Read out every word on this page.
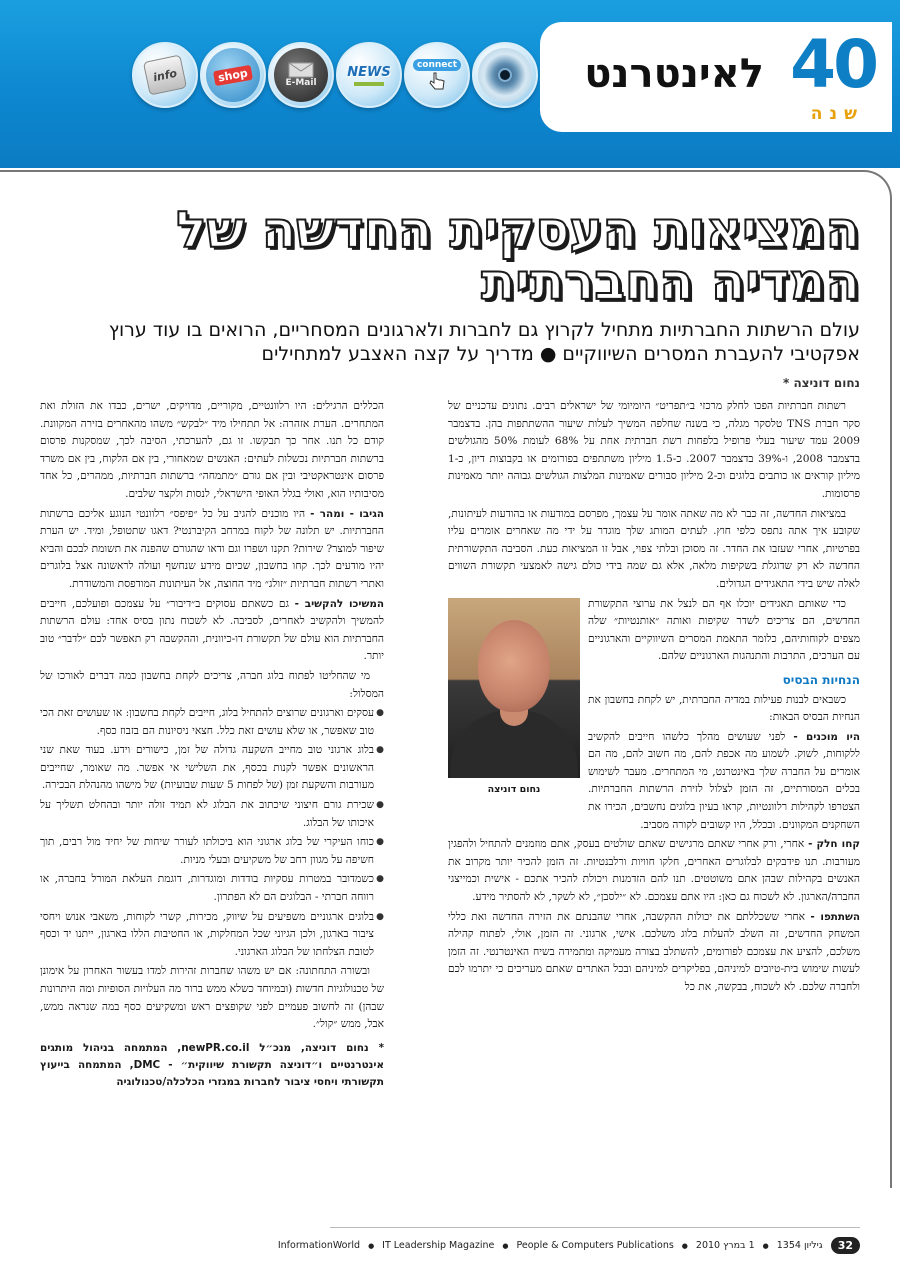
info	shop	E-Mail
NEWS	connect	40
לאינטרנט
שנה
המציאות העסקית החדשה של
המדיה החברתית
עולם הרשתות החברתיות מתחיל לקרוץ גם לחברות ולארגונים המסחריים, הרואים בו עוד ערוץ
אפקטיבי להעברת המסרים השיווקיים ● מדריך על קצה האצבע למתחילים
נחום דוניצה *

רשתות חברתיות הפכו לחלק מרכזי ב״תפריט״ היומיומי של ישראלים רבים. נתונים עדכניים של סקר חברת TNS טלסקר מגלה, כי בשנה שחלפה המשיך לעלות שיעור ההשתתפות בהן. בדצמבר 2009 עמד שיעור בעלי פרופיל בלפחות רשת חברתית אחת על 68% לעומת 50% מהגולשים בדצמבר 2008, ו-39% בדצמבר 2007. כ-1.5 מיליון משתתפים בפורומים או בקבוצות דיון, כ-1 מיליון קוראים או כותבים בלוגים וכ-2 מיליון סבורים שאמינות המלצות הגולשים גבוהה יותר מאמינות פרסומות.

במציאות החדשה, זה כבר לא מה שאתה אומר על עצמך, מפרסם במודעות או בהודעות לעיתונות, שקובע איך אתה נתפס כלפי חוץ. לעתים המותג שלך מוגדר על ידי מה שאחרים אומרים עליו בפרטיות, אחרי שעזבו את החדר. זה מסוכן ובלתי צפוי, אבל זו המציאות כעת. הסביבה התקשורתית החדשה לא רק שדוגלת בשקיפות מלאה, אלא גם שמה בידי כולם גישה לאמצעי תקשורת השווים לאלה שיש בידי התאגידים הגדולים.

נחום דוניצה

כדי שאותם תאגידים יוכלו אף הם לנצל את ערוצי התקשורת החדשים, הם צריכים לשדר שקיפות ואותה ״אותנטיות״ שלה מצפים לקוחותיהם, כלומר התאמת המסרים השיווקיים והארגוניים עם הערכים, התרבות והתנהגות הארגוניים שלהם.

הנחיות הבסיס

כשבאים לבנות פעילות במדיה החברתית, יש לקחת בחשבון את הנחיות הבסיס הבאות:

היו מוכנים - לפני שעושים מהלך כלשהו חייבים להקשיב ללקוחות, לשוק. לשמוע מה אכפת להם, מה חשוב להם, מה הם אומרים על החברה שלך באינטרנט, מי המתחרים. מעבר לשימוש בכלים המסורתיים, זה הזמן לצלול לזירת הרשתות החברתיות. הצטרפו לקהילות רלוונטיות, קראו בעיון בלוגים נחשבים, הכירו את השחקנים המקוונים. ובכלל, היו קשובים לקורה מסביב.

קחו חלק - אחרי, ורק אחרי שאתם מרגישים שאתם שולטים בעסק, אתם מוזמנים להתחיל ולהפגין מעורבות. תנו פידבקים לבלוגרים האחרים, חלקו חוויות ורלבנטיות. זה הזמן להכיר יותר מקרוב את האנשים בקהילות שבהן אתם משוטטים. תנו להם הזדמנות ויכולת להכיר אתכם - אישית וכמייצגי החברה/הארגון. לא לשכוח גם כאן: היו אתם עצמכם. לא ״ילסבן״, לא לשקר, לא להסתיר מידע.

השתתפו - אחרי ששכללתם את יכולות ההקשבה, אחרי שהבנתם את הזירה החדשה ואת כללי המשחק החדשים, זה השלב להעלות בלוג משלכם. אישי, ארגוני. זה הזמן, אולי, לפתוח קהילה משלכם, להציע את עצמכם לפורומים, להשתלב בצורה מעמיקה ומתמידה בשיח האינטרנטי. זה הזמן לעשות שימוש בית-טיובים למיניהם, בפליקרים למיניהם ובכל האתרים שאתם מעריכים כי יתרמו לכם ולחברה שלכם. לא לשכוח, בבקשה, את כל

הכללים הרגילים: היו רלוונטיים, מקוריים, מדויקים, ישרים, כבדו את הזולת ואת המתחרים. הערת אזהרה: אל תתחילו מיד ״לבקש״ משהו מהאחרים בזירה המקוונת. קודם כל תנו. אחר כך תבקשו. זו גם, להערכתי, הסיבה לכך, שמסקנות פרסום ברשתות חברתיות נכשלות לעתים: האנשים שמאחורי, בין אם הלקוח, בין אם משרד פרסום אינטראקטיבי ובין אם גורם ״מתמחה״ ברשתות חברתיות, ממהרים, כל אחד מסיבותיו הוא, ואולי בגלל האופי הישראלי, לנסות ולקצר שלבים.

הגיבו - ומהר - היו מוכנים להגיב על כל ״פיפס״ רלוונטי הנוגע אליכם ברשתות החברתיות. יש תלונה של לקוח במרחב הקיברנטי? דאגו שתטופל, ומיד. יש הערת שיפור למוצר? שירות? תקנו ושפרו וגם ודאו שהגורם שהפנה את תשומת לבכם והביא יהיו מודעים לכך. קחו בחשבון, שכיום מידע שנחשף ועולה לראשונה אצל בלוגרים ואתרי רשתות חברתיות ״זולג״ מיד החוצה, אל העיתונות המודפסת והמשודרת.

המשיכו להקשיב - גם כשאתם עסוקים ב״דיבור״ על עצמכם ופועלכם, חייבים להמשיך ולהקשיב לאחרים, לסביבה. לא לשכוח נתון בסיס אחד: עולם הרשתות החברתיות הוא עולם של תקשורת דו-כיוונית, וההקשבה רק תאפשר לכם ״לדבר״ טוב יותר.

מי שהחליטו לפתוח בלוג חברה, צריכים לקחת בחשבון כמה דברים לאורכו של המסלול:

● עסקים וארגונים שרוצים להתחיל בלוג, חייבים לקחת בחשבון: או שעושים זאת הכי טוב שאפשר, או שלא עושים זאת כלל. חצאי ניסיונות הם בזבוז כסף.
● בלוג ארגוני טוב מחייב השקעה גדולה של זמן, כישורים וידע. בעוד שאת שני הראשונים אפשר לקנות בכסף, את השלישי אי אפשר. מה שאומר, שחייבים מעורבות והשקעת זמן (של לפחות 5 שעות שבועיות) של מישהו מהנהלת הבכירה.
● שכירת גורם חיצוני שיכתוב את הבלוג לא תמיד זולה יותר ובהחלט תשליך על איכותו של הבלוג.
● כוחו העיקרי של בלוג ארגוני הוא ביכולתו לעורר שיחות של יחיד מול רבים, תוך חשיפה על מגוון רחב של משקיעים ובעלי מניות.
● כשמדובר במטרות עסקיות בודדות ומוגדרות, דוגמת העלאת המורל בחברה, או רווחה חברתי - הבלוגים הם לא הפתרון.
● בלוגים ארגוניים משפיעים על שיווק, מכירות, קשרי לקוחות, משאבי אנוש ויחסי ציבור בארגון, ולכן הגיוני שכל המחלקות, או החטיבות הללו בארגון, ייתנו יד וכסף לטובת הצלחתו של הבלוג הארגוני.

ובשורה התחתונה: אם יש משהו שחברות זהירות למדו בעשור האחרון על אימונן של טכנולוגיות חדשות (ובמיוחד כשלא ממש ברור מה העלויות הסופיות ומה היתרונות שבהן) זה לחשוב פעמיים לפני שקופצים ראש ומשקיעים כסף במה שנראה ממש, אבל, ממש ״קול״.

* נחום דוניצה, מנכ״ל newPR.co.il, המתמחה בניהול מותגים אינטרנטיים ו״דוניצה תקשורת שיווקית״ - DMC, המתמחה בייעוץ תקשורתי ויחסי ציבור לחברות במגזרי הכלכלה/טכנולוגיה
InformationWorld ● IT Leadership Magazine ● People & Computers Publications ● 1 במרץ 2010 ● גיליון 1354	32
